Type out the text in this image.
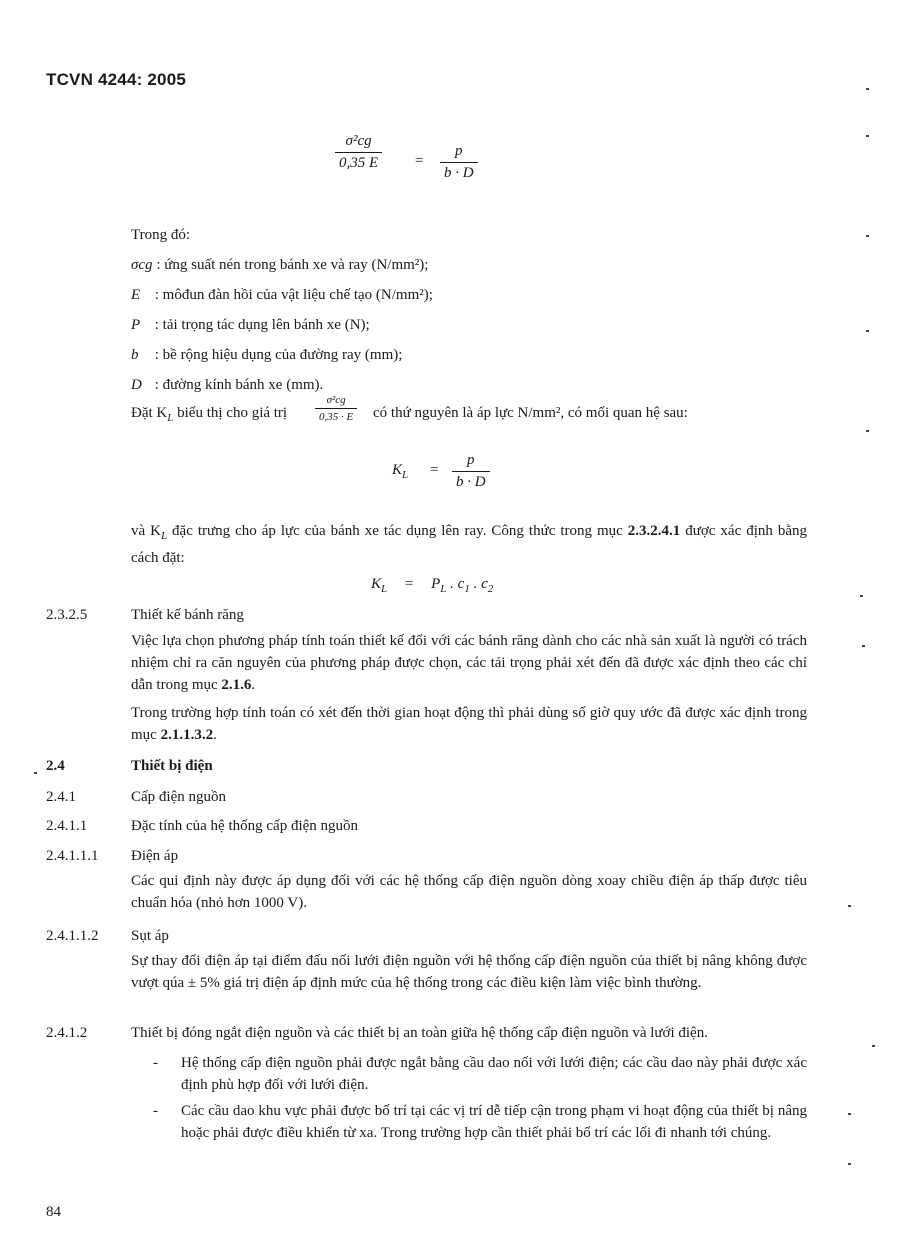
TCVN 4244: 2005
$\frac{\text{σ²cg}}{0,35 E} = \frac{p}{b \cdot D}$
Trong đó:
σcg : ứng suất nén trong bánh xe và ray (N/mm²);
E : môđun đàn hồi của vật liệu chế tạo (N/mm²);
P : tải trọng tác dụng lên bánh xe (N);
b : bề rộng hiệu dụng của đường ray (mm);
D : đường kính bánh xe (mm).
Đặt $K_L$ biểu thị cho giá trị	$\frac{\text{σ²cg}}{0,35 \cdot E}$ có thứ nguyên là áp lực N/mm², có mối quan hệ sau:
$K_L = \frac{p}{b \cdot D}$
và $K_L$ đặc trưng cho áp lực của bánh xe tác dụng lên ray. Công thức trong mục 2.3.2.4.1 được xác định bằng cách đặt:
$K_L = P_L$ . $c_1$ . $c_2$
2.3.2.5	Thiết kế bánh răng
Việc lựa chọn phương pháp tính toán thiết kế đối với các bánh răng dành cho các nhà sản xuất là người có trách nhiệm chỉ ra căn nguyên của phương pháp được chọn, các tải trọng phải xét đến đã được xác định theo các chỉ dẫn trong mục 2.1.6.
Trong trường hợp tính toán có xét đến thời gian hoạt động thì phải dùng số giờ quy ước đã được xác định trong mục 2.1.1.3.2.
2.4	Thiết bị điện
2.4.1	Cấp điện nguồn
2.4.1.1	Đặc tính của hệ thống cấp điện nguồn
2.4.1.1.1 Điện áp
Các qui định này được áp dụng đối với các hệ thống cấp điện nguồn dòng xoay chiều điện áp thấp được tiêu chuẩn hóa (nhỏ hơn 1000 V).
2.4.1.1.2 Sụt áp
Sự thay đổi điện áp tại điểm đấu nối lưới điện nguồn với hệ thống cấp điện nguồn của thiết bị nâng không được vượt qúa ± 5% giá trị điện áp định mức của hệ thống trong các điều kiện làm việc bình thường.
2.4.1.2	Thiết bị đóng ngắt điện nguồn và các thiết bị an toàn giữa hệ thống cấp điện nguồn và lưới điện.
- Hệ thống cấp điện nguồn phải được ngắt bằng cầu dao nối với lưới điện; các cầu dao này phải được xác định phù hợp đối với lưới điện.
- Các cầu dao khu vực phải được bố trí tại các vị trí dễ tiếp cận trong phạm vi hoạt động của thiết bị nâng hoặc phải được điều khiển từ xa. Trong trường hợp cần thiết phải bố trí các lối đi nhanh tới chúng.
84
